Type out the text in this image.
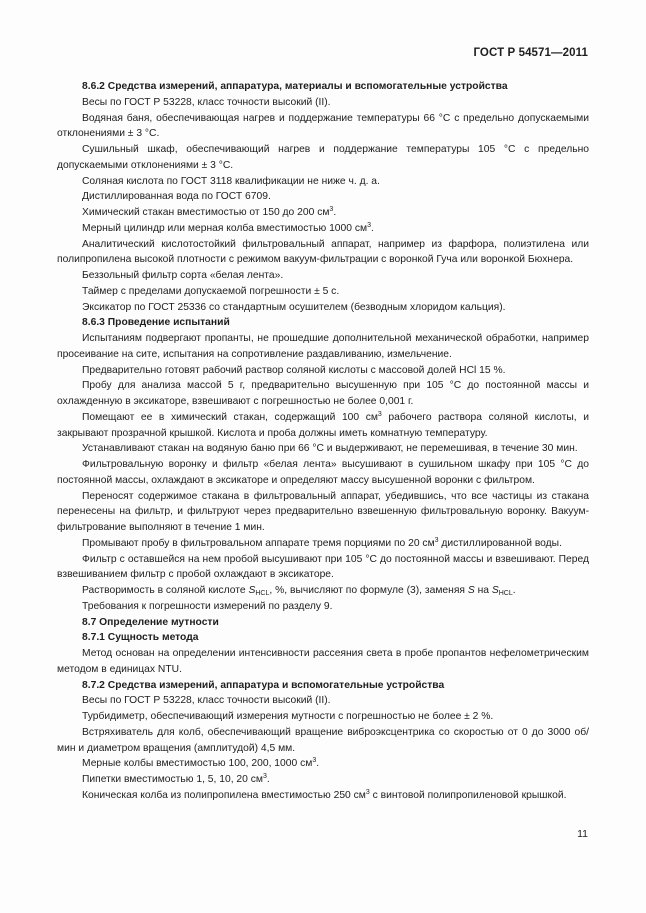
ГОСТ Р 54571—2011

8.6.2 Средства измерений, аппаратура, материалы и вспомогательные устройства

Весы по ГОСТ Р 53228, класс точности высокий (II).

Водяная баня, обеспечивающая нагрев и поддержание температуры 66 °С с предельно допускаемыми отклонениями ± 3 °С.

Сушильный шкаф, обеспечивающий нагрев и поддержание температуры 105 °С с предельно допускаемыми отклонениями ± 3 °С.

Соляная кислота по ГОСТ 3118 квалификации не ниже ч. д. а.

Дистиллированная вода по ГОСТ 6709.

Химический стакан вместимостью от 150 до 200 $см^3$.

Мерный цилиндр или мерная колба вместимостью 1000 $см^3$.

Аналитический кислотостойкий фильтровальный аппарат, например из фарфора, полиэтилена или полипропилена высокой плотности с режимом вакуум-фильтрации с воронкой Гуча или воронкой Бюхнера.

Беззольный фильтр сорта «белая лента».

Таймер с пределами допускаемой погрешности ± 5 с.

Эксикатор по ГОСТ 25336 со стандартным осушителем (безводным хлоридом кальция).

8.6.3 Проведение испытаний

Испытаниям подвергают пропанты, не прошедшие дополнительной механической обработки, например просеивание на сите, испытания на сопротивление раздавливанию, измельчение.

Предварительно готовят рабочий раствор соляной кислоты с массовой долей HCl 15 %.

Пробу для анализа массой 5 г, предварительно высушенную при 105 °С до постоянной массы и охлажденную в эксикаторе, взвешивают с погрешностью не более 0,001 г.

Помещают ее в химический стакан, содержащий 100 $см^3$ рабочего раствора соляной кислоты, и закрывают прозрачной крышкой. Кислота и проба должны иметь комнатную температуру.

Устанавливают стакан на водяную баню при 66 °С и выдерживают, не перемешивая, в течение 30 мин.

Фильтровальную воронку и фильтр «белая лента» высушивают в сушильном шкафу при 105 °С до постоянной массы, охлаждают в эксикаторе и определяют массу высушенной воронки с фильтром.

Переносят содержимое стакана в фильтровальный аппарат, убедившись, что все частицы из стакана перенесены на фильтр, и фильтруют через предварительно взвешенную фильтровальную воронку. Вакуум-фильтрование выполняют в течение 1 мин.

Промывают пробу в фильтровальном аппарате тремя порциями по 20 $см^3$ дистиллированной воды.

Фильтр с оставшейся на нем пробой высушивают при 105 °С до постоянной массы и взвешивают. Перед взвешиванием фильтр с пробой охлаждают в эксикаторе.

Растворимость в соляной кислоте $S_{HCL}$, %, вычисляют по формуле (3), заменяя S на $S_{HCL}$.

Требования к погрешности измерений по разделу 9.

8.7 Определение мутности

8.7.1 Сущность метода

Метод основан на определении интенсивности рассеяния света в пробе пропантов нефелометрическим методом в единицах NTU.

8.7.2 Средства измерений, аппаратура и вспомогательные устройства

Весы по ГОСТ Р 53228, класс точности высокий (II).

Турбидиметр, обеспечивающий измерения мутности с погрешностью не более ± 2 %.

Встряхиватель для колб, обеспечивающий вращение виброэксцентрика со скоростью от 0 до 3000 об/мин и диаметром вращения (амплитудой) 4,5 мм.

Мерные колбы вместимостью 100, 200, 1000 $см^3$.

Пипетки вместимостью 1, 5, 10, 20 $см^3$.

Коническая колба из полипропилена вместимостью 250 $см^3$ с винтовой полипропиленовой крышкой.

11
